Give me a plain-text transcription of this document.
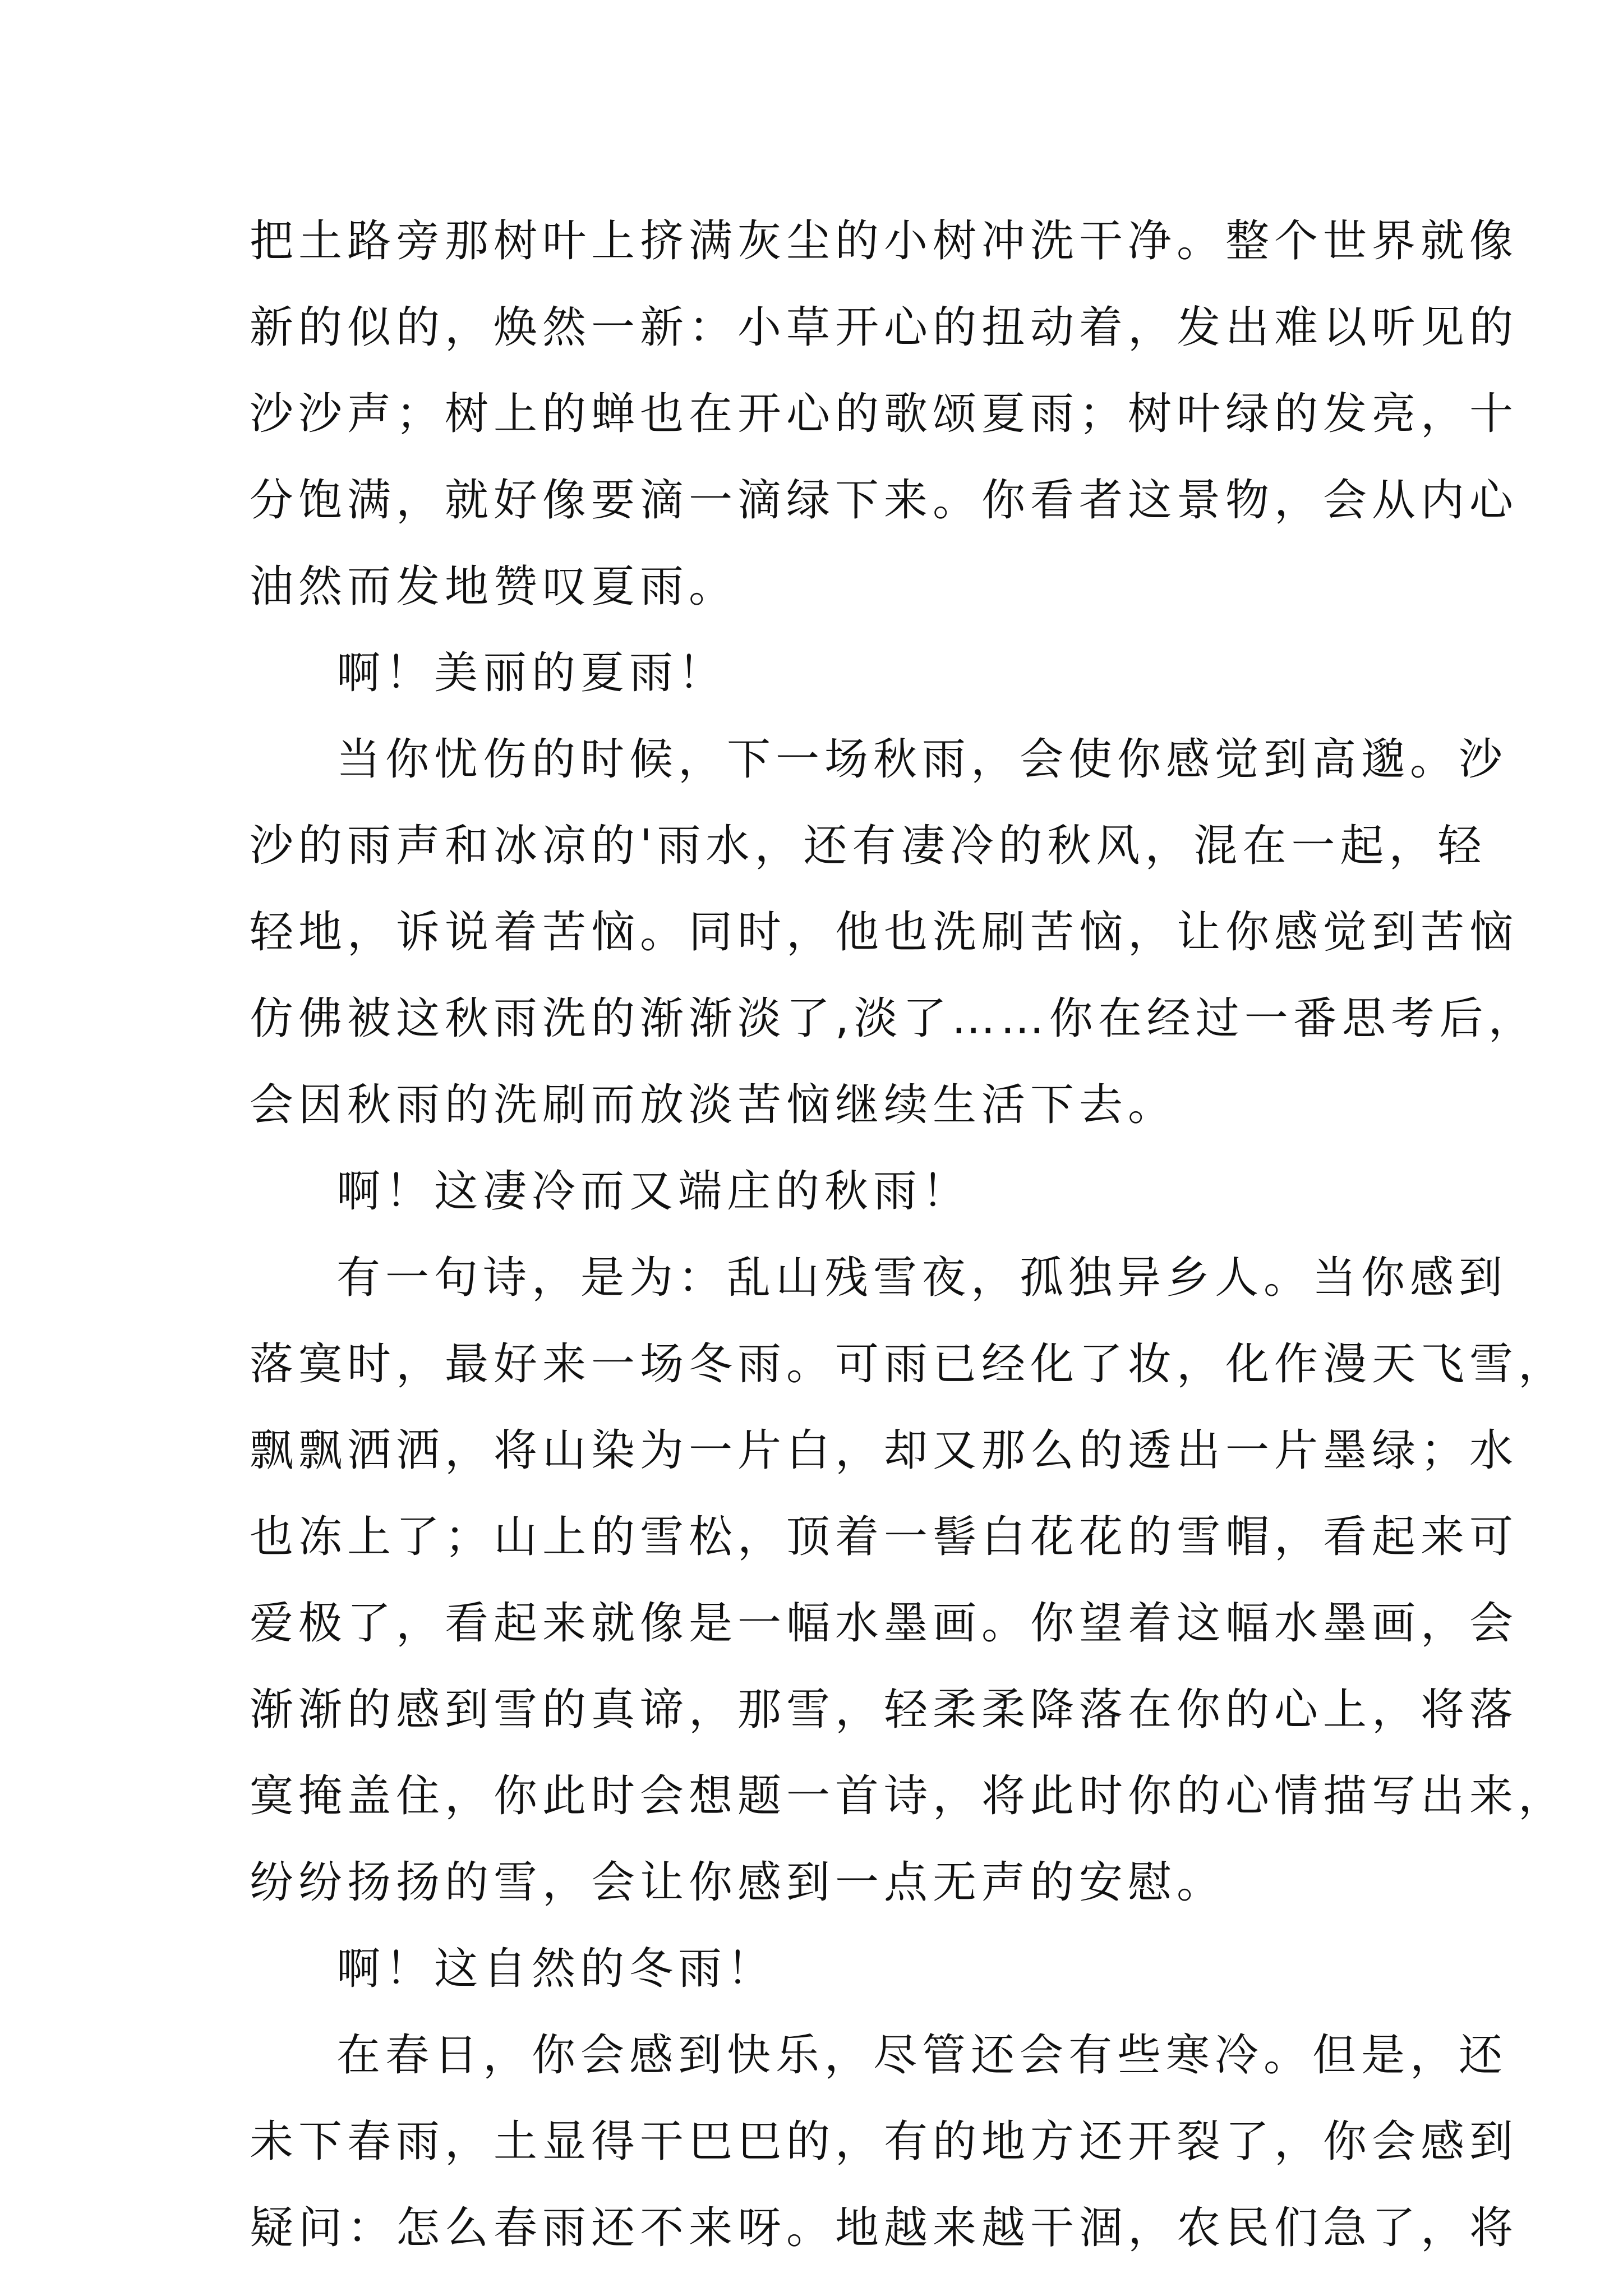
把土路旁那树叶上挤满灰尘的小树冲洗干净。整个世界就像

新的似的，焕然一新：小草开心的扭动着，发出难以听见的

沙沙声；树上的蝉也在开心的歌颂夏雨；树叶绿的发亮，十

分饱满，就好像要滴一滴绿下来。你看者这景物，会从内心

油然而发地赞叹夏雨。

啊！美丽的夏雨！

当你忧伤的时候，下一场秋雨，会使你感觉到高邈。沙

沙的雨声和冰凉的'雨水，还有凄冷的秋风，混在一起，轻

轻地，诉说着苦恼。同时，他也洗刷苦恼，让你感觉到苦恼

仿佛被这秋雨洗的渐渐淡了,淡了……你在经过一番思考后，

会因秋雨的洗刷而放淡苦恼继续生活下去。

啊！这凄冷而又端庄的秋雨！

有一句诗，是为：乱山残雪夜，孤独异乡人。当你感到

落寞时，最好来一场冬雨。可雨已经化了妆，化作漫天飞雪，

飘飘洒洒，将山染为一片白，却又那么的透出一片墨绿；水

也冻上了；山上的雪松，顶着一髻白花花的雪帽，看起来可

爱极了，看起来就像是一幅水墨画。你望着这幅水墨画，会

渐渐的感到雪的真谛，那雪，轻柔柔降落在你的心上，将落

寞掩盖住，你此时会想题一首诗，将此时你的心情描写出来，

纷纷扬扬的雪，会让你感到一点无声的安慰。

啊！这自然的冬雨！

在春日，你会感到快乐，尽管还会有些寒冷。但是，还

未下春雨，土显得干巴巴的，有的地方还开裂了，你会感到

疑问：怎么春雨还不来呀。地越来越干涸，农民们急了，将
